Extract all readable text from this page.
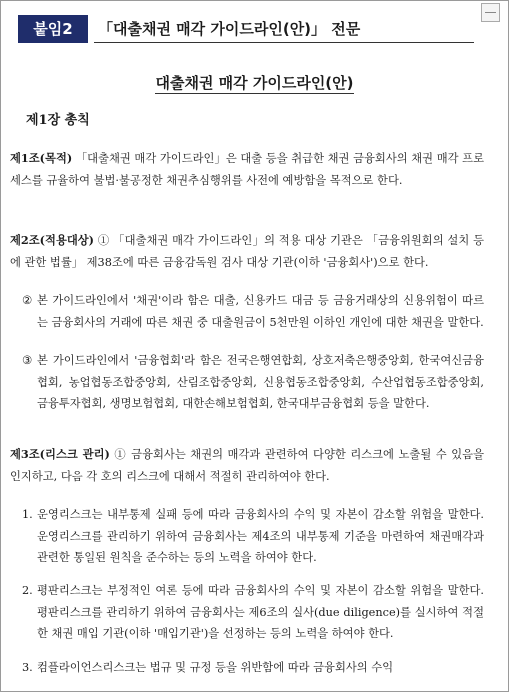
붙임2	「대출채권 매각 가이드라인(안)」 전문
대출채권 매각 가이드라인(안)
제1장 총칙
제1조(목적) 「대출채권 매각 가이드라인」은 대출 등을 취급한 채권 금융회사의 채권 매각 프로세스를 규율하여 불법·불공정한 채권추심행위를 사전에 예방함을 목적으로 한다.
제2조(적용대상) ① 「대출채권 매각 가이드라인」의 적용 대상 기관은 「금융위원회의 설치 등에 관한 법률」 제38조에 따른 금융감독원 검사 대상 기관(이하 '금융회사')으로 한다.
② 본 가이드라인에서 '채권'이라 함은 대출, 신용카드 대금 등 금융거래상의 신용위험이 따르는 금융회사의 거래에 따른 채권 중 대출원금이 5천만원 이하인 개인에 대한 채권을 말한다.
③ 본 가이드라인에서 '금융협회'라 함은 전국은행연합회, 상호저축은행중앙회, 한국여신금융협회, 농업협동조합중앙회, 산림조합중앙회, 신용협동조합중앙회, 수산업협동조합중앙회, 금융투자협회, 생명보험협회, 대한손해보험협회, 한국대부금융협회 등을 말한다.
제3조(리스크 관리) ① 금융회사는 채권의 매각과 관련하여 다양한 리스크에 노출될 수 있음을 인지하고, 다음 각 호의 리스크에 대해서 적절히 관리하여야 한다.
1. 운영리스크는 내부통제 실패 등에 따라 금융회사의 수익 및 자본이 감소할 위험을 말한다. 운영리스크를 관리하기 위하여 금융회사는 제4조의 내부통제 기준을 마련하여 채권매각과 관련한 통일된 원칙을 준수하는 등의 노력을 하여야 한다.
2. 평판리스크는 부정적인 여론 등에 따라 금융회사의 수익 및 자본이 감소할 위험을 말한다. 평판리스크를 관리하기 위하여 금융회사는 제6조의 실사(due diligence)를 실시하여 적절한 채권 매입 기관(이하 '매입기관')을 선정하는 등의 노력을 하여야 한다.
3. 컴플라이언스리스크는 법규 및 규정 등을 위반함에 따라 금융회사의 수익
